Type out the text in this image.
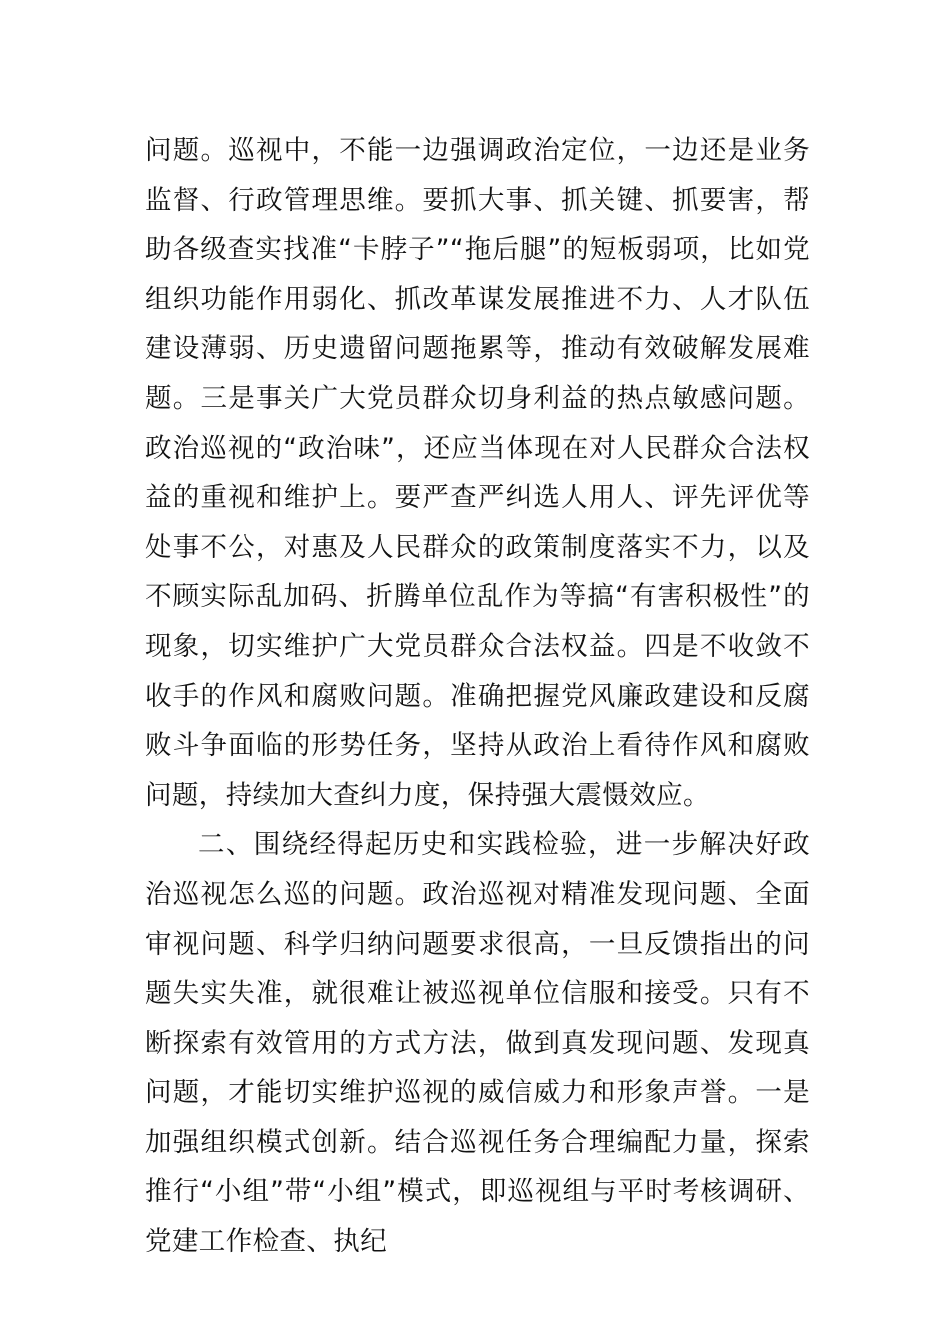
问题。巡视中，不能一边强调政治定位，一边还是业务监督、行政管理思维。要抓大事、抓关键、抓要害，帮助各级查实找准“卡脖子”“拖后腿”的短板弱项，比如党组织功能作用弱化、抓改革谋发展推进不力、人才队伍建设薄弱、历史遗留问题拖累等，推动有效破解发展难题。三是事关广大党员群众切身利益的热点敏感问题。政治巡视的“政治味”，还应当体现在对人民群众合法权益的重视和维护上。要严查严纠选人用人、评先评优等处事不公，对惠及人民群众的政策制度落实不力，以及不顾实际乱加码、折腾单位乱作为等搞“有害积极性”的现象，切实维护广大党员群众合法权益。四是不收敛不收手的作风和腐败问题。准确把握党风廉政建设和反腐败斗争面临的形势任务，坚持从政治上看待作风和腐败问题，持续加大查纠力度，保持强大震慑效应。

二、围绕经得起历史和实践检验，进一步解决好政治巡视怎么巡的问题。政治巡视对精准发现问题、全面审视问题、科学归纳问题要求很高，一旦反馈指出的问题失实失准，就很难让被巡视单位信服和接受。只有不断探索有效管用的方式方法，做到真发现问题、发现真问题，才能切实维护巡视的威信威力和形象声誉。一是加强组织模式创新。结合巡视任务合理编配力量，探索推行“小组”带“小组”模式，即巡视组与平时考核调研、党建工作检查、执纪
